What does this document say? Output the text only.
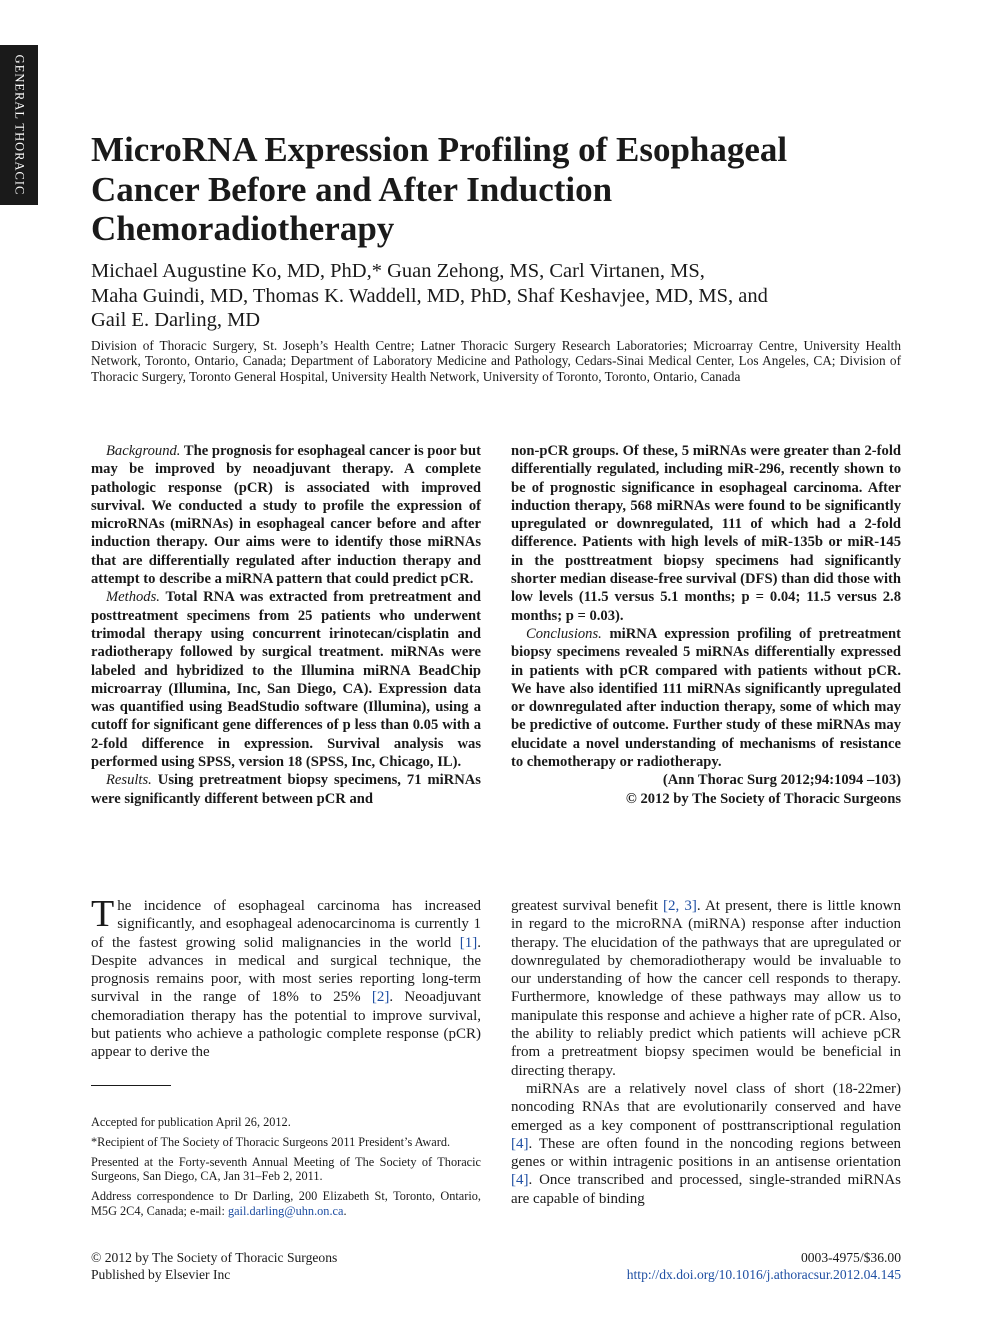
GENERAL THORACIC MicroRNA Expression Profiling of Esophageal Cancer Before and After Induction Chemoradiotherapy
Michael Augustine Ko, MD, PhD,* Guan Zehong, MS, Carl Virtanen, MS,
Maha Guindi, MD, Thomas K. Waddell, MD, PhD, Shaf Keshavjee, MD, MS, and
Gail E. Darling, MD
Division of Thoracic Surgery, St. Joseph’s Health Centre; Latner Thoracic Surgery Research Laboratories; Microarray Centre, University Health Network, Toronto, Ontario, Canada; Department of Laboratory Medicine and Pathology, Cedars-Sinai Medical Center, Los Angeles, CA; Division of Thoracic Surgery, Toronto General Hospital, University Health Network, University of Toronto, Toronto, Ontario, Canada

Background. The prognosis for esophageal cancer is poor but may be improved by neoadjuvant therapy. A complete pathologic response (pCR) is associated with improved survival. We conducted a study to profile the expression of microRNAs (miRNAs) in esophageal cancer before and after induction therapy. Our aims were to identify those miRNAs that are differentially regulated after induction therapy and attempt to describe a miRNA pattern that could predict pCR.

Methods. Total RNA was extracted from pretreatment and posttreatment specimens from 25 patients who underwent trimodal therapy using concurrent irinotecan/cisplatin and radiotherapy followed by surgical treatment. miRNAs were labeled and hybridized to the Illumina miRNA BeadChip microarray (Illumina, Inc, San Diego, CA). Expression data was quantified using BeadStudio software (Illumina), using a cutoff for significant gene differences of p less than 0.05 with a 2-fold difference in expression. Survival analysis was performed using SPSS, version 18 (SPSS, Inc, Chicago, IL).

Results. Using pretreatment biopsy specimens, 71 miRNAs were significantly different between pCR and

non-pCR groups. Of these, 5 miRNAs were greater than 2-fold differentially regulated, including miR-296, recently shown to be of prognostic significance in esophageal carcinoma. After induction therapy, 568 miRNAs were found to be significantly upregulated or downregulated, 111 of which had a 2-fold difference. Patients with high levels of miR-135b or miR-145 in the posttreatment biopsy specimens had significantly shorter median disease-free survival (DFS) than did those with low levels (11.5 versus 5.1 months; p = 0.04; 11.5 versus 2.8 months; p = 0.03).

Conclusions. miRNA expression profiling of pretreatment biopsy specimens revealed 5 miRNAs differentially expressed in patients with pCR compared with patients without pCR. We have also identified 111 miRNAs significantly upregulated or downregulated after induction therapy, some of which may be predictive of outcome. Further study of these miRNAs may elucidate a novel understanding of mechanisms of resistance to chemotherapy or radiotherapy.

(Ann Thorac Surg 2012;94:1094 –103)
© 2012 by The Society of Thoracic Surgeons

The incidence of esophageal carcinoma has increased significantly, and esophageal adenocarcinoma is currently 1 of the fastest growing solid malignancies in the world [1]. Despite advances in medical and surgical technique, the prognosis remains poor, with most series reporting long-term survival in the range of 18% to 25% [2]. Neoadjuvant chemoradiation therapy has the potential to improve survival, but patients who achieve a pathologic complete response (pCR) appear to derive the

greatest survival benefit [2, 3]. At present, there is little known in regard to the microRNA (miRNA) response after induction therapy. The elucidation of the pathways that are upregulated or downregulated by chemoradiotherapy would be invaluable to our understanding of how the cancer cell responds to therapy. Furthermore, knowledge of these pathways may allow us to manipulate this response and achieve a higher rate of pCR. Also, the ability to reliably predict which patients will achieve pCR from a pretreatment biopsy specimen would be beneficial in directing therapy.

miRNAs are a relatively novel class of short (18-22mer) noncoding RNAs that are evolutionarily conserved and have emerged as a key component of posttranscriptional regulation [4]. These are often found in the noncoding regions between genes or within intragenic positions in an antisense orientation [4]. Once transcribed and processed, single-stranded miRNAs are capable of binding

Accepted for publication April 26, 2012.

*Recipient of The Society of Thoracic Surgeons 2011 President’s Award.

Presented at the Forty-seventh Annual Meeting of The Society of Thoracic Surgeons, San Diego, CA, Jan 31–Feb 2, 2011.

Address correspondence to Dr Darling, 200 Elizabeth St, Toronto, Ontario, M5G 2C4, Canada; e-mail: gail.darling@uhn.on.ca.

© 2012 by The Society of Thoracic Surgeons
Published by Elsevier Inc
0003-4975/$36.00
http://dx.doi.org/10.1016/j.athoracsur.2012.04.145
